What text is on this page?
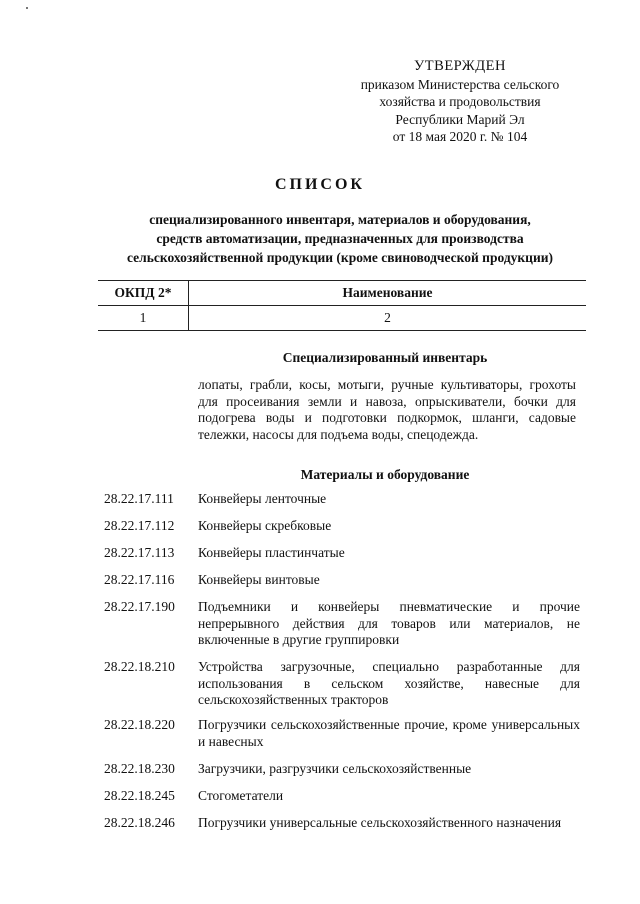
УТВЕРЖДЕН
приказом Министерства сельского
хозяйства и продовольствия
Республики Марий Эл
от 18 мая 2020 г. № 104
СПИСОК
специализированного инвентаря, материалов и оборудования,
средств автоматизации, предназначенных для производства
сельскохозяйственной продукции (кроме свиноводческой продукции)
ОКПД 2*	Наименование
1	2
Специализированный инвентарь
лопаты, грабли, косы, мотыги, ручные культиваторы, грохоты для просеивания земли и навоза, опрыскиватели, бочки для подогрева воды и подготовки подкормок, шланги, садовые тележки, насосы для подъема воды, спецодежда.
Материалы и оборудование
28.22.17.111	Конвейеры ленточные
28.22.17.112	Конвейеры скребковые
28.22.17.113	Конвейеры пластинчатые
28.22.17.116	Конвейеры винтовые
28.22.17.190	Подъемники и конвейеры пневматические и прочие непрерывного действия для товаров или материалов, не включенные в другие группировки
28.22.18.210	Устройства загрузочные, специально разработанные для использования в сельском хозяйстве, навесные для сельскохозяйственных тракторов
28.22.18.220	Погрузчики сельскохозяйственные прочие, кроме универсальных и навесных
28.22.18.230	Загрузчики, разгрузчики сельскохозяйственные
28.22.18.245	Стогометатели
28.22.18.246	Погрузчики универсальные сельскохозяйственного назначения
